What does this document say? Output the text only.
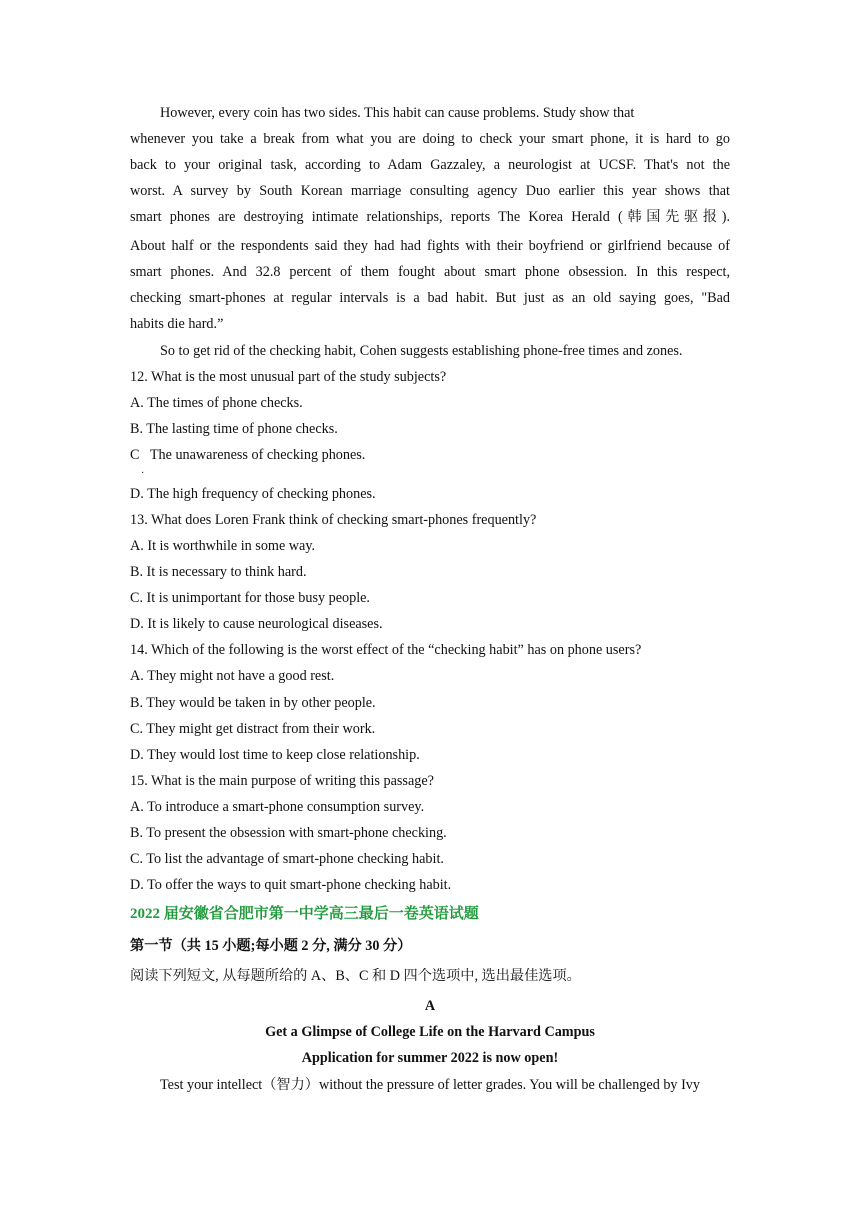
However, every coin has two sides. This habit can cause problems. Study show that
whenever you take a break from what you are doing to check your smart phone, it is hard to go
back to your original task, according to Adam Gazzaley, a neurologist at UCSF. That's not the
worst. A survey by South Korean marriage consulting agency Duo earlier this year shows that
smart phones are destroying intimate relationships, reports The Korea Herald (韩国先驱报).
About half or the respondents said they had had fights with their boyfriend or girlfriend because of
smart phones. And 32.8 percent of them fought about smart phone obsession. In this respect,
checking smart-phones at regular intervals is a bad habit. But just as an old saying goes, "Bad
habits die hard.”
So to get rid of the checking habit, Cohen suggests establishing phone-free times and zones.
12. What is the most unusual part of the study subjects?
A. The times of phone checks.
B. The lasting time of phone checks.
C   The unawareness of checking phones.
·
D. The high frequency of checking phones.
13. What does Loren Frank think of checking smart-phones frequently?
A. It is worthwhile in some way.
B. It is necessary to think hard.
C. It is unimportant for those busy people.
D. It is likely to cause neurological diseases.
14. Which of the following is the worst effect of the “checking habit” has on phone users?
A. They might not have a good rest.
B. They would be taken in by other people.
C. They might get distract from their work.
D. They would lost time to keep close relationship.
15. What is the main purpose of writing this passage?
A. To introduce a smart-phone consumption survey.
B. To present the obsession with smart-phone checking.
C. To list the advantage of smart-phone checking habit.
D. To offer the ways to quit smart-phone checking habit.
2022 届安徽省合肥市第一中学高三最后一卷英语试题
第一节（共 15 小题;每小题 2 分, 满分 30 分）
阅读下列短文, 从每题所给的 A、B、C 和 D 四个选项中, 选出最佳选项。
A
Get a Glimpse of College Life on the Harvard Campus
Application for summer 2022 is now open!
Test your intellect（智力）without the pressure of letter grades. You will be challenged by Ivy
